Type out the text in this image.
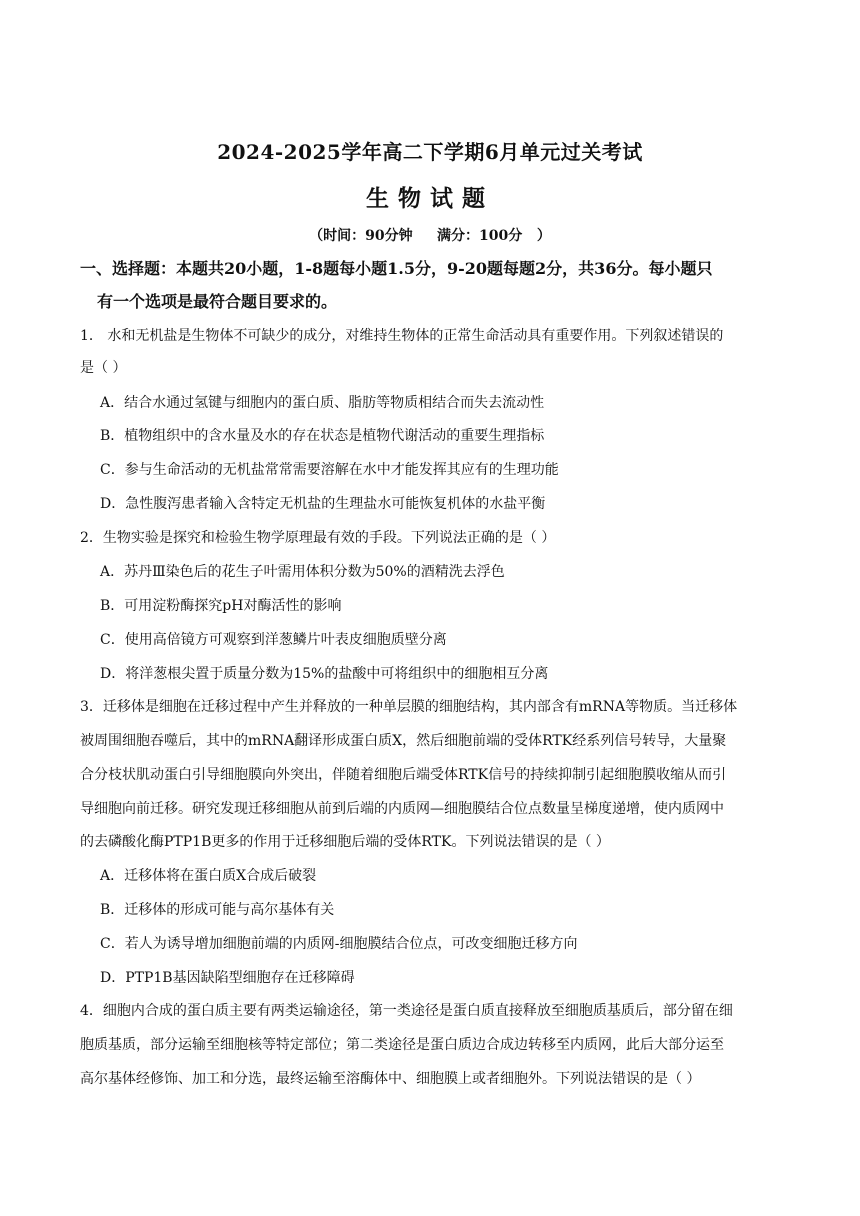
2024-2025学年高二下学期6月单元过关考试
生物试题
（时间：90分钟     满分：100分   ）
一、选择题：本题共20小题，1-8题每小题1.5分，9-20题每题2分，共36分。每小题只
有一个选项是最符合题目要求的。
1． 水和无机盐是生物体不可缺少的成分，对维持生物体的正常生命活动具有重要作用。下列叙述错误的
是（ ）
A．结合水通过氢键与细胞内的蛋白质、脂肪等物质相结合而失去流动性
B．植物组织中的含水量及水的存在状态是植物代谢活动的重要生理指标
C．参与生命活动的无机盐常常需要溶解在水中才能发挥其应有的生理功能
D．急性腹泻患者输入含特定无机盐的生理盐水可能恢复机体的水盐平衡
2．生物实验是探究和检验生物学原理最有效的手段。下列说法正确的是（ ）
A．苏丹Ⅲ染色后的花生子叶需用体积分数为50%的酒精洗去浮色
B．可用淀粉酶探究pH对酶活性的影响
C．使用高倍镜方可观察到洋葱鳞片叶表皮细胞质壁分离
D．将洋葱根尖置于质量分数为15%的盐酸中可将组织中的细胞相互分离
3．迁移体是细胞在迁移过程中产生并释放的一种单层膜的细胞结构，其内部含有mRNA等物质。当迁移体
被周围细胞吞噬后，其中的mRNA翻译形成蛋白质X，然后细胞前端的受体RTK经系列信号转导，大量聚
合分枝状肌动蛋白引导细胞膜向外突出，伴随着细胞后端受体RTK信号的持续抑制引起细胞膜收缩从而引
导细胞向前迁移。研究发现迁移细胞从前到后端的内质网—细胞膜结合位点数量呈梯度递增，使内质网中
的去磷酸化酶PTP1B更多的作用于迁移细胞后端的受体RTK。下列说法错误的是（ ）
A．迁移体将在蛋白质X合成后破裂
B．迁移体的形成可能与高尔基体有关
C．若人为诱导增加细胞前端的内质网-细胞膜结合位点，可改变细胞迁移方向
D．PTP1B基因缺陷型细胞存在迁移障碍
4．细胞内合成的蛋白质主要有两类运输途径，第一类途径是蛋白质直接释放至细胞质基质后，部分留在细
胞质基质，部分运输至细胞核等特定部位；第二类途径是蛋白质边合成边转移至内质网，此后大部分运至
高尔基体经修饰、加工和分选，最终运输至溶酶体中、细胞膜上或者细胞外。下列说法错误的是（ ）
